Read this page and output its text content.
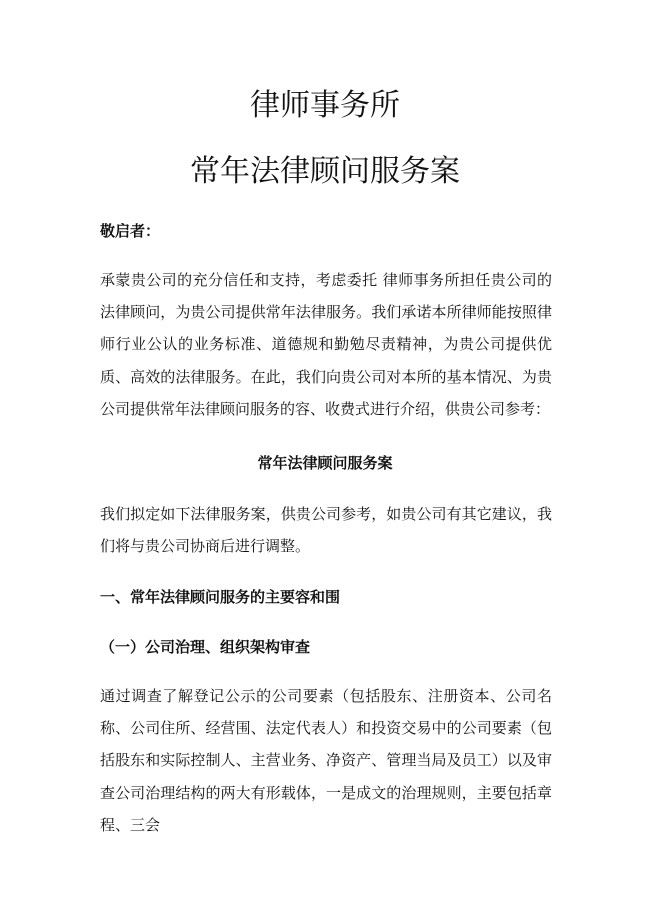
律师事务所
常年法律顾问服务案

敬启者：

承蒙贵公司的充分信任和支持，考虑委托 律师事务所担任贵公司的法律顾问，为贵公司提供常年法律服务。我们承诺本所律师能按照律师行业公认的业务标准、道德规和勤勉尽责精神，为贵公司提供优质、高效的法律服务。在此，我们向贵公司对本所的基本情况、为贵公司提供常年法律顾问服务的容、收费式进行介绍，供贵公司参考：

常年法律顾问服务案

我们拟定如下法律服务案，供贵公司参考，如贵公司有其它建议，我们将与贵公司协商后进行调整。

一、常年法律顾问服务的主要容和围

（一）公司治理、组织架构审查

通过调查了解登记公示的公司要素（包括股东、注册资本、公司名称、公司住所、经营围、法定代表人）和投资交易中的公司要素（包括股东和实际控制人、主营业务、净资产、管理当局及员工）以及审查公司治理结构的两大有形载体，一是成文的治理规则，主要包括章程、三会
